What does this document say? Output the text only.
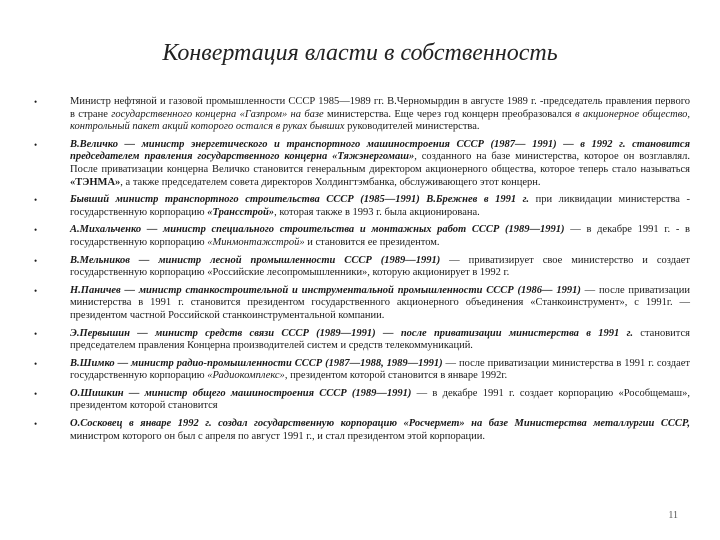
Конвертация власти в собственность
•	Министр нефтяной и газовой промышленности СССР 1985—1989 гг. В.Черномырдин в августе 1989 г. -председатель правления первого в стране государственного концерна «Газпром» на базе министерства. Еще через год концерн преобразовался в акционерное общество, контрольный пакет акций которого остался в руках бывших руководителей министерства.
•	В.Величко — министр энергетического и транспортного машиностроения СССР (1987— 1991) — в 1992 г. становится председателем правления государственного концерна «Тяжэнергомаш», созданного на базе министерства, которое он возглавлял. После приватизации концерна Величко становится генеральным директором акционерного общества, которое теперь стало называться «ТЭНМА», а также председателем совета директоров Холдингтэмбанка, обслуживающего этот концерн.
•	Бывший министр транспортного строительства СССР (1985—1991) В.Брежнев в 1991 г. при ликвидации министерства - государственную корпорацию «Трансстрой», которая также в 1993 г. была акционирована.
•	А.Михальченко — министр специального строительства и монтажных работ СССР (1989—1991) — в декабре 1991 г. - в государственную корпорацию «Минмонтажстрой» и становится ее президентом.
•	В.Мельников — министр лесной промышленности СССР (1989—1991) — приватизирует свое министерство и создает государственную корпорацию «Российские лесопромышленники», которую акционирует в 1992 г.
•	Н.Паничев — министр станкостроительной и инструментальной промышленности СССР (1986— 1991) — после приватизации министерства в 1991 г. становится президентом государственного акционерного объединения «Станкоинструмент», с 1991г. — президентом частной Российской станкоинструментальной компании.
•	Э.Первышин — министр средств связи СССР (1989—1991) — после приватизации министерства в 1991 г. становится председателем правления Концерна производителей систем и средств телекоммуникаций.
•	В.Шимко — министр радио-промышленности СССР (1987—1988, 1989—1991) — после приватизации министерства в 1991 г. создает государственную корпорацию «Радиокомплекс», президентом которой становится в январе 1992г.
•	О.Шишкин — министр общего машиностроения СССР (1989—1991) — в декабре 1991 г. создает корпорацию «Рособщемаш», президентом которой становится
•	О.Сосковец в январе 1992 г. создал государственную корпорацию «Росчермет» на базе Министерства металлургии СССР, министром которого он был с апреля по август 1991 г., и стал президентом этой корпорации.
11
